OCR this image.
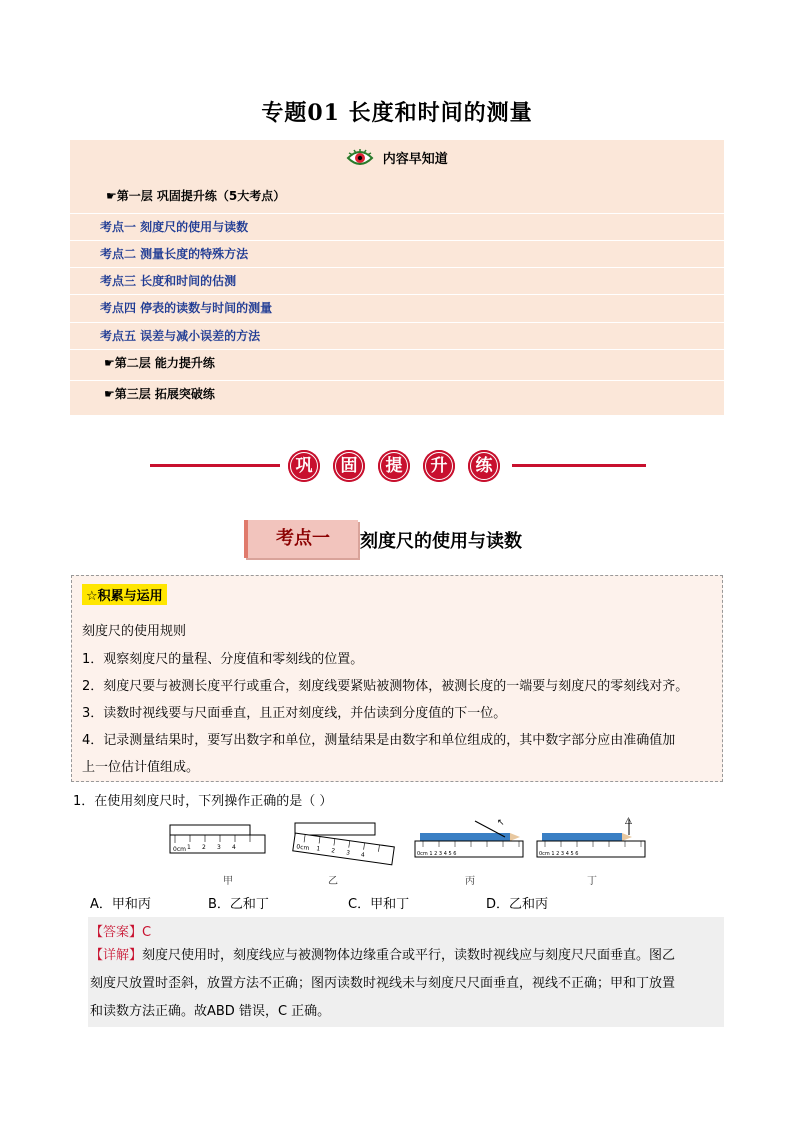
专题01 长度和时间的测量
内容早知道
☛第一层 巩固提升练（5大考点）
考点一 刻度尺的使用与读数
考点二 测量长度的特殊方法
考点三 长度和时间的估测
考点四 停表的读数与时间的测量
考点五 误差与减小误差的方法
☛第二层 能力提升练
☛第三层 拓展突破练
巩	固	提	升	练
考点一	刻度尺的使用与读数
☆积累与运用
刻度尺的使用规则
1．观察刻度尺的量程、分度值和零刻线的位置。
2．刻度尺要与被测长度平行或重合，刻度线要紧贴被测物体，被测长度的一端要与刻度尺的零刻线对齐。
3．读数时视线要与尺面垂直，且正对刻度线，并估读到分度值的下一位。
4．记录测量结果时，要写出数字和单位，测量结果是由数字和单位组成的，其中数字部分应由准确值加
上一位估计值组成。
1．在使用刻度尺时，下列操作正确的是（ ）
0cm 1 2 3 4	0cm 1 2 3 4
↖
0cm 1 2 3 4 5 6
△
0cm 1 2 3 4 5 6
甲	乙	丙	丁
A．甲和丙	B．乙和丁	C．甲和丁	D．乙和丙
【答案】C
【详解】刻度尺使用时，刻度线应与被测物体边缘重合或平行，读数时视线应与刻度尺尺面垂直。图乙
刻度尺放置时歪斜，放置方法不正确；图丙读数时视线未与刻度尺尺面垂直，视线不正确；甲和丁放置
和读数方法正确。故ABD 错误，C 正确。
